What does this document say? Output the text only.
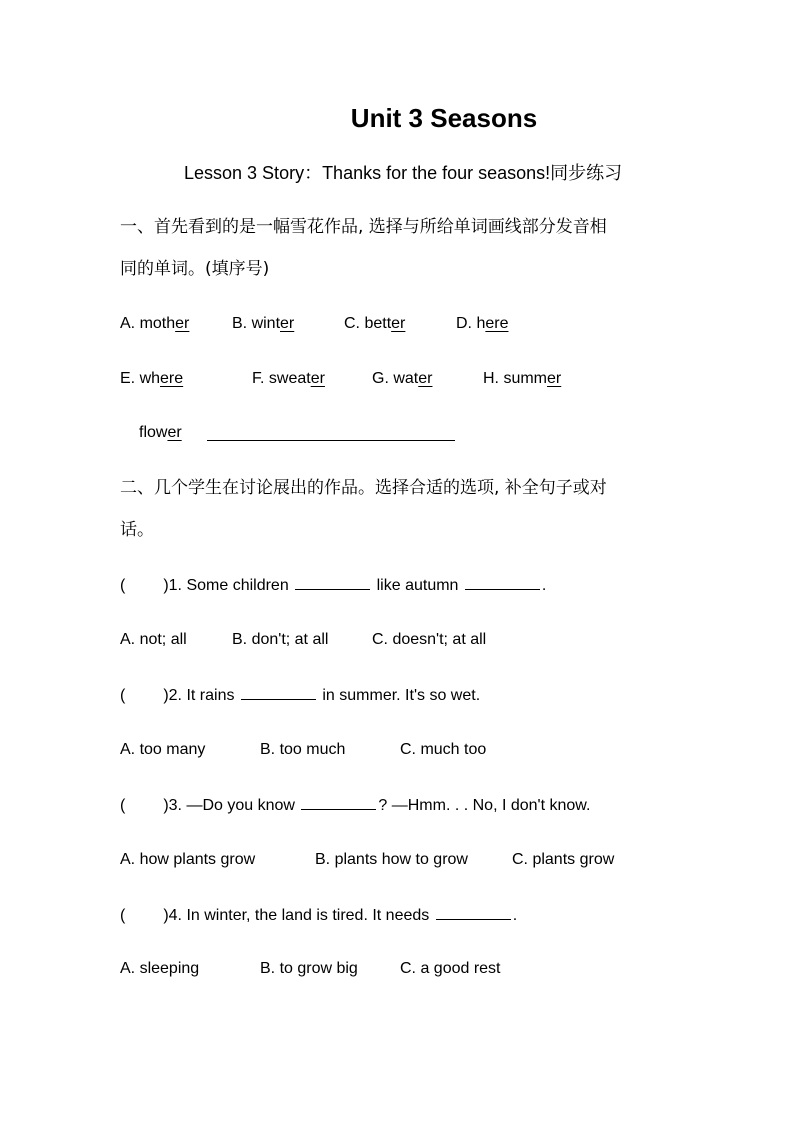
Unit 3 Seasons
Lesson 3 Story：Thanks for the four seasons!同步练习
一、首先看到的是一幅雪花作品, 选择与所给单词画线部分发音相
同的单词。(填序号)
A. mother	B. winter	C. better	D. here
E. where	F. sweater	G. water	H. summer
flower
二、几个学生在讨论展出的作品。选择合适的选项, 补全句子或对
话。
( )1. Some children	like autumn	.
A. not; all	B. don't; at all	C. doesn't; at all
( )2. It rains	in summer. It's so wet.
A. too many	B. too much	C. much too
( )3. —Do you know	? —Hmm. . . No, I don't know.
A. how plants grow	B. plants how to grow	C. plants grow
( )4. In winter, the land is tired. It needs	.
A. sleeping	B. to grow big	C. a good rest
